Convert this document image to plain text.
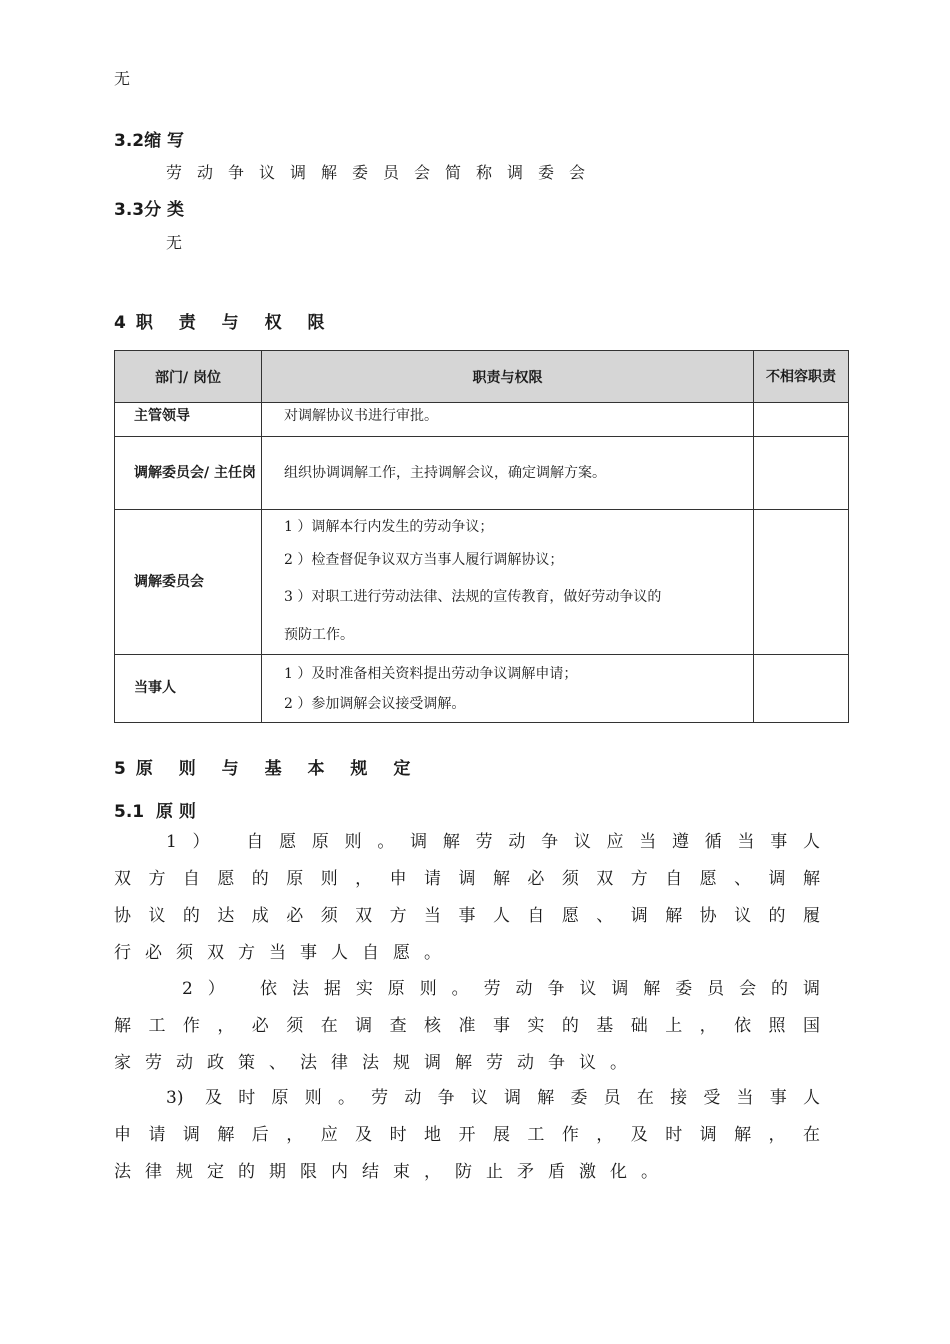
无
3.2缩 写
劳动争议调解委员会简称调委会
3.3分 类
无
4职 责 与 权 限
部门/ 岗位	职责与权限	不相容职责
主管领导	对调解协议书进行审批。	

调解委员会/ 主任岗	组织协调调解工作，主持调解会议，确定调解方案。	

调解委员会	1 ）调解本行内发生的劳动争议；
2 ）检查督促争议双方当事人履行调解协议；
3 ）对职工进行劳动法律、法规的宣传教育，做好劳动争议的
预防工作。	

当事人	1 ）及时准备相关资料提出劳动争议调解申请；
2 ）参加调解会议接受调解。	

5原 则 与 基 本 规 定
5.1  原 则
1） 自愿原则。调解劳动争议应当遵循当事人
双方自愿的原则，申请调解必须双方自愿、调解
协议的达成必须双方当事人自愿、调解协议的履
行必须双方当事人自愿。
2） 依法据实原则。劳动争议调解委员会的调
解工作，必须在调查核准事实的基础上，依照国
家劳动政策、法律法规调解劳动争议。
3) 及时原则。劳动争议调解委员在接受当事人
申请调解后，应及时地开展工作，及时调解，在
法律规定的期限内结束，防止矛盾激化。
